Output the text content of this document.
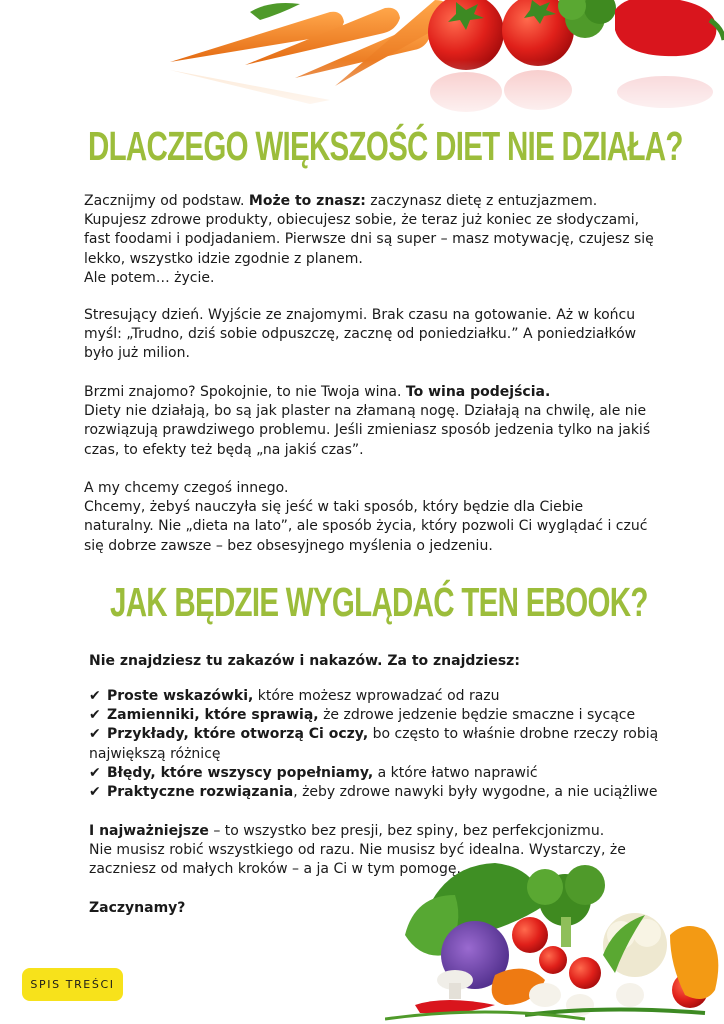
DLACZEGO WIĘKSZOŚĆ DIET NIE DZIAŁA?

Zacznijmy od podstaw. Może to znasz: zaczynasz dietę z entuzjazmem. Kupujesz zdrowe produkty, obiecujesz sobie, że teraz już koniec ze słodyczami, fast foodami i podjadaniem. Pierwsze dni są super – masz motywację, czujesz się lekko, wszystko idzie zgodnie z planem.

Ale potem… życie.

Stresujący dzień. Wyjście ze znajomymi. Brak czasu na gotowanie. Aż w końcu myśl: „Trudno, dziś sobie odpuszczę, zacznę od poniedziałku.” A poniedziałków było już milion.

Brzmi znajomo? Spokojnie, to nie Twoja wina. To wina podejścia.

Diety nie działają, bo są jak plaster na złamaną nogę. Działają na chwilę, ale nie rozwiązują prawdziwego problemu. Jeśli zmieniasz sposób jedzenia tylko na jakiś czas, to efekty też będą „na jakiś czas”.

A my chcemy czegoś innego.

Chcemy, żebyś nauczyła się jeść w taki sposób, który będzie dla Ciebie naturalny. Nie „dieta na lato”, ale sposób życia, który pozwoli Ci wyglądać i czuć się dobrze zawsze – bez obsesyjnego myślenia o jedzeniu.

JAK BĘDZIE WYGLĄDAĆ TEN EBOOK?

Nie znajdziesz tu zakazów i nakazów. Za to znajdziesz:

✔ Proste wskazówki, które możesz wprowadzać od razu
✔ Zamienniki, które sprawią, że zdrowe jedzenie będzie smaczne i sycące
✔ Przykłady, które otworzą Ci oczy, bo często to właśnie drobne rzeczy robią największą różnicę
✔ Błędy, które wszyscy popełniamy, a które łatwo naprawić
✔ Praktyczne rozwiązania, żeby zdrowe nawyki były wygodne, a nie uciążliwe

I najważniejsze – to wszystko bez presji, bez spiny, bez perfekcjonizmu.

Nie musisz robić wszystkiego od razu. Nie musisz być idealna. Wystarczy, że zaczniesz od małych kroków – a ja Ci w tym pomogę.

Zaczynamy?

SPIS TREŚCI
